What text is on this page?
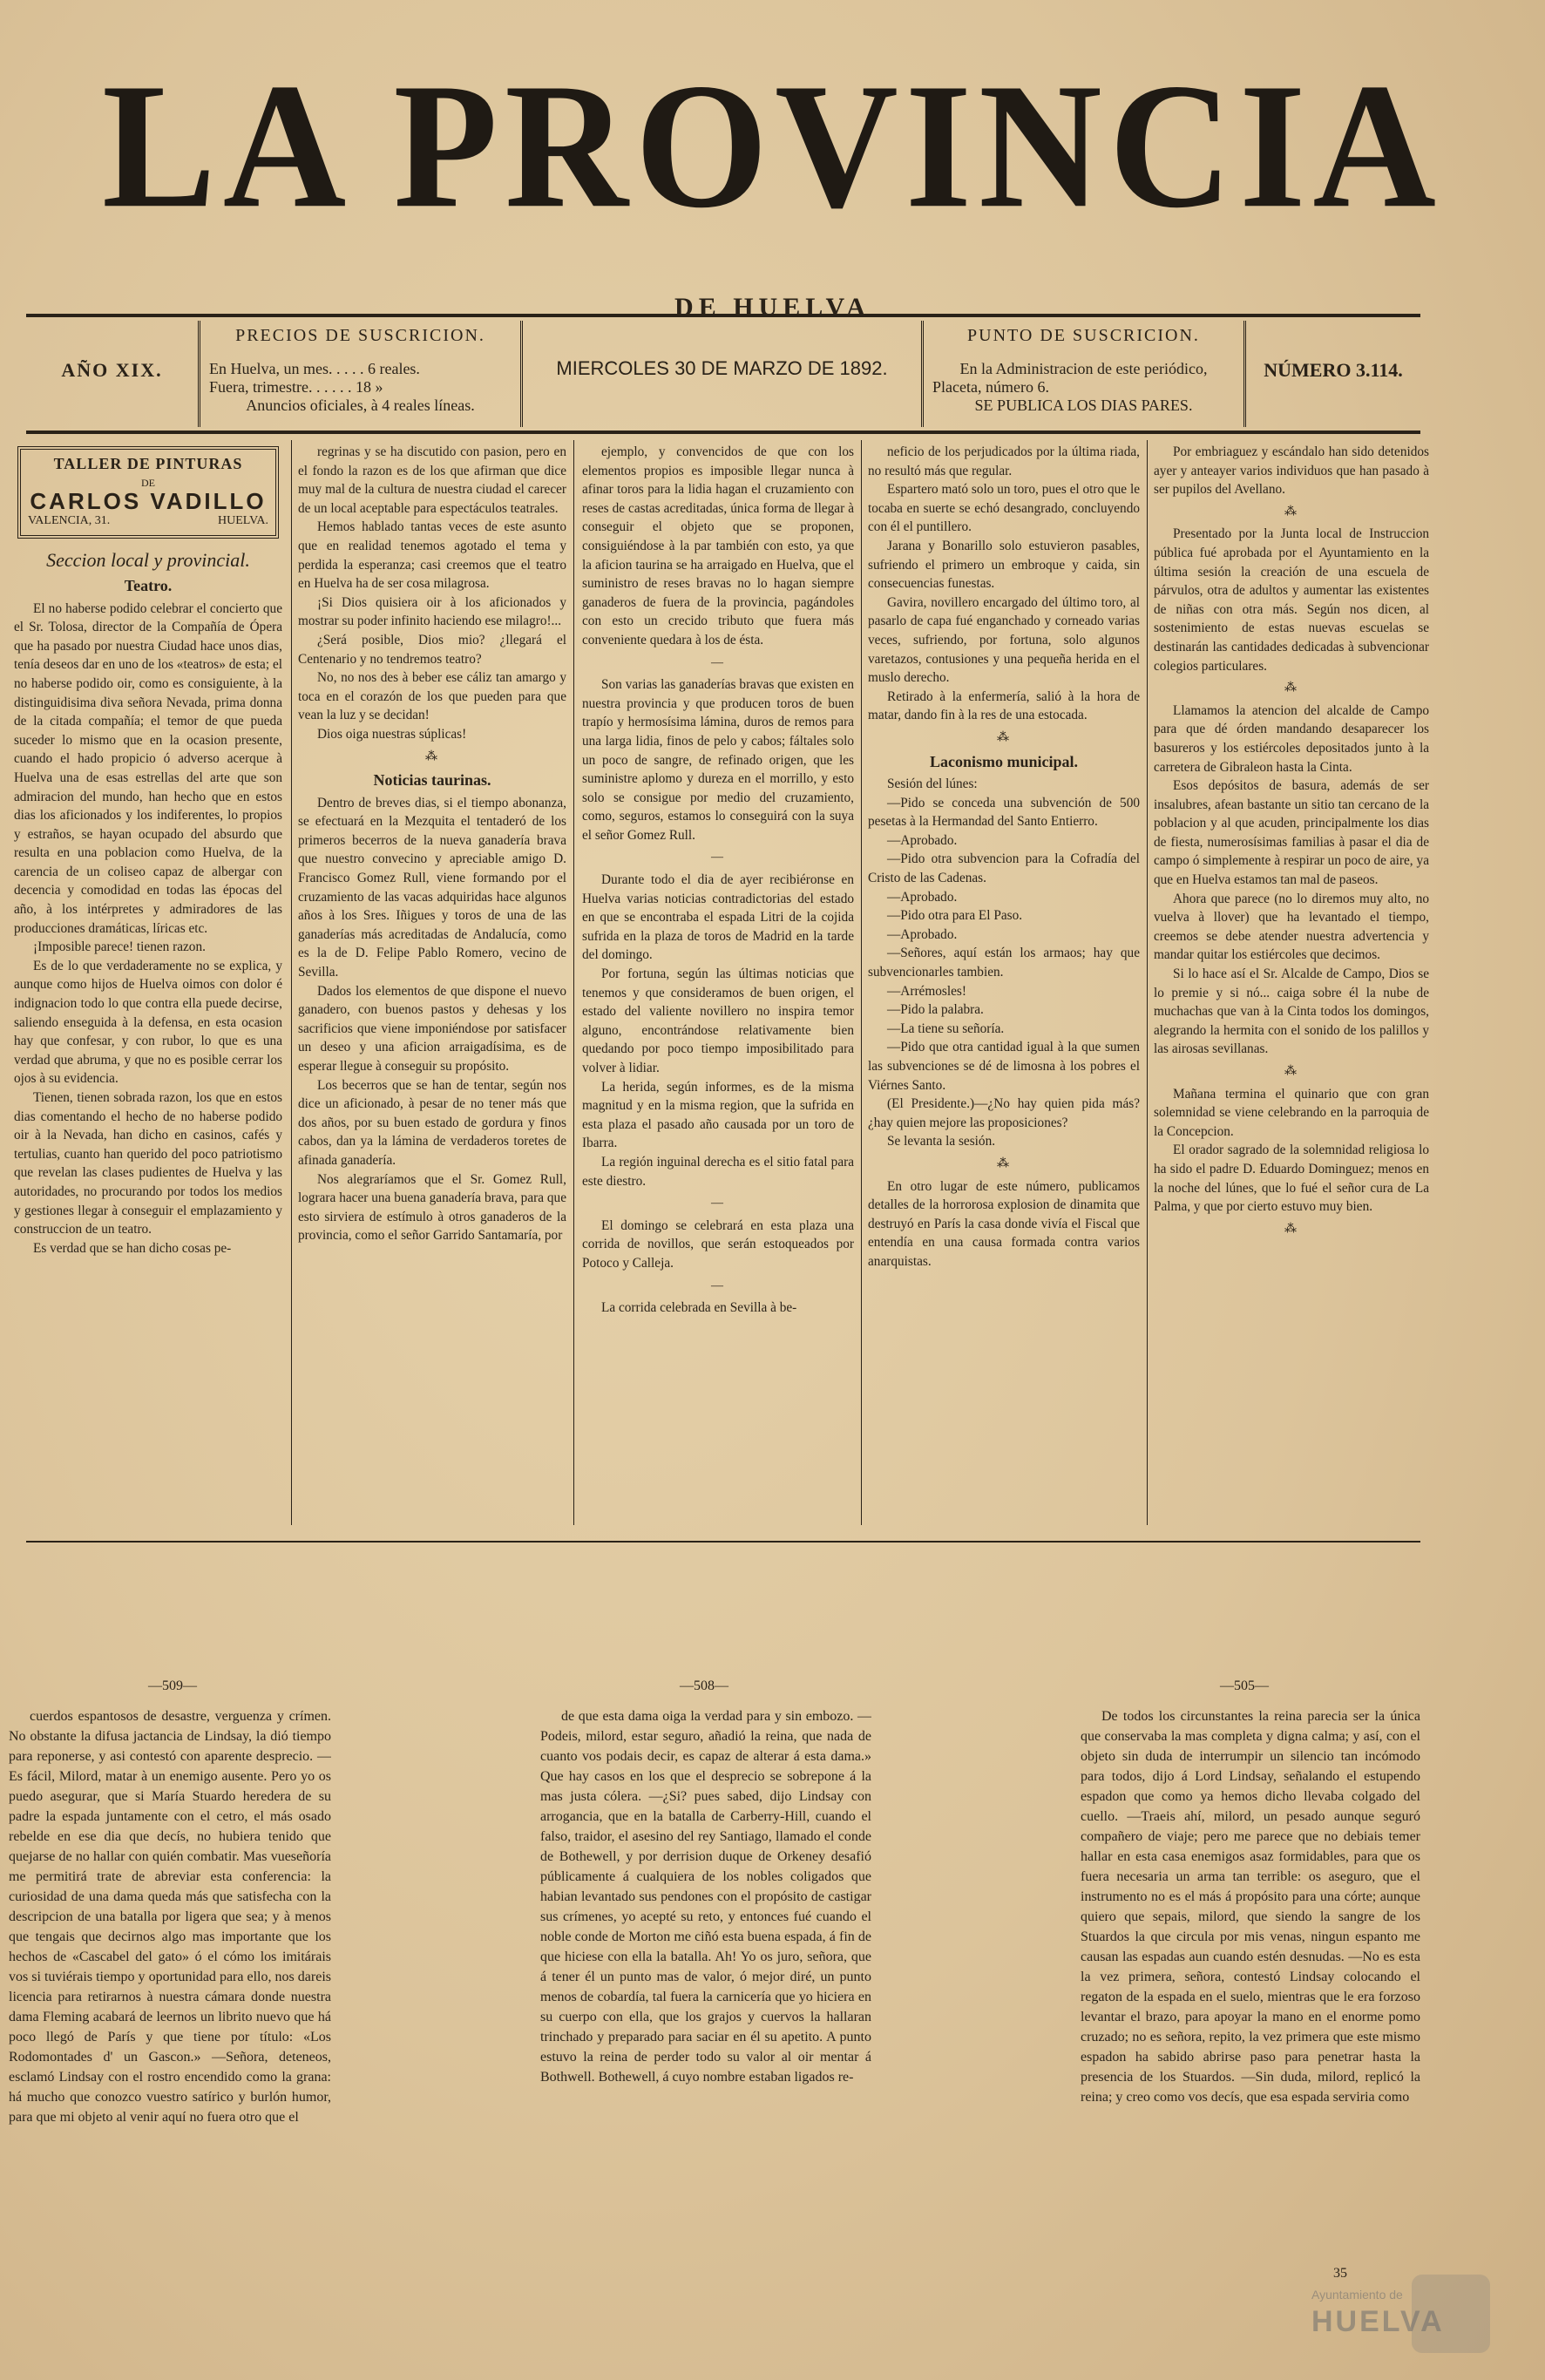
LA PROVINCIA
DE HUELVA
AÑO XIX.
PRECIOS DE SUSCRICION.
En Huelva, un mes. . . . . 6 reales.
Fuera, trimestre. . . . . . 18 »
Anuncios oficiales, à 4 reales líneas.
MIERCOLES 30 DE MARZO DE 1892.
PUNTO DE SUSCRICION.
En la Administracion de este periódico,
Placeta, número 6.
SE PUBLICA LOS DIAS PARES.
NÚMERO 3.114.
TALLER DE PINTURAS
DE
CARLOS VADILLO
VALENCIA, 31.	HUELVA.
Seccion local y provincial.
Teatro.

El no haberse podido celebrar el concierto que el Sr. Tolosa, director de la Compañía de Ópera que ha pasado por nuestra Ciudad hace unos dias, tenía deseos dar en uno de los «teatros» de esta; el no haberse podido oir, como es consiguiente, à la distinguidisima diva señora Nevada, prima donna de la citada compañía; el temor de que pueda suceder lo mismo que en la ocasion presente, cuando el hado propicio ó adverso acerque à Huelva una de esas estrellas del arte que son admiracion del mundo, han hecho que en estos dias los aficionados y los indiferentes, lo propios y estraños, se hayan ocupado del absurdo que resulta en una poblacion como Huelva, de la carencia de un coliseo capaz de albergar con decencia y comodidad en todas las épocas del año, à los intérpretes y admiradores de las producciones dramáticas, líricas etc.

¡Imposible parece! tienen razon.

Es de lo que verdaderamente no se explica, y aunque como hijos de Huelva oimos con dolor é indignacion todo lo que contra ella puede decirse, saliendo enseguida à la defensa, en esta ocasion hay que confesar, y con rubor, lo que es una verdad que abruma, y que no es posible cerrar los ojos à su evidencia.

Tienen, tienen sobrada razon, los que en estos dias comentando el hecho de no haberse podido oir à la Nevada, han dicho en casinos, cafés y tertulias, cuanto han querido del poco patriotismo que revelan las clases pudientes de Huelva y las autoridades, no procurando por todos los medios y gestiones llegar à conseguir el emplazamiento y construccion de un teatro.

Es verdad que se han dicho cosas pe-

regrinas y se ha discutido con pasion, pero en el fondo la razon es de los que afirman que dice muy mal de la cultura de nuestra ciudad el carecer de un local aceptable para espectáculos teatrales.

Hemos hablado tantas veces de este asunto que en realidad tenemos agotado el tema y perdida la esperanza; casi creemos que el teatro en Huelva ha de ser cosa milagrosa.

¡Si Dios quisiera oir à los aficionados y mostrar su poder infinito haciendo ese milagro!...

¿Será posible, Dios mio? ¿llegará el Centenario y no tendremos teatro?

No, no nos des à beber ese cáliz tan amargo y toca en el corazón de los que pueden para que vean la luz y se decidan!

Dios oiga nuestras súplicas!

⁂
Noticias taurinas.

Dentro de breves dias, si el tiempo abonanza, se efectuará en la Mezquita el tentaderó de los primeros becerros de la nueva ganadería brava que nuestro convecino y apreciable amigo D. Francisco Gomez Rull, viene formando por el cruzamiento de las vacas adquiridas hace algunos años à los Sres. Iñigues y toros de una de las ganaderías más acreditadas de Andalucía, como es la de D. Felipe Pablo Romero, vecino de Sevilla.

Dados los elementos de que dispone el nuevo ganadero, con buenos pastos y dehesas y los sacrificios que viene imponiéndose por satisfacer un deseo y una aficion arraigadísima, es de esperar llegue à conseguir su propósito.

Los becerros que se han de tentar, según nos dice un aficionado, à pesar de no tener más que dos años, por su buen estado de gordura y finos cabos, dan ya la lámina de verdaderos toretes de afinada ganadería.

Nos alegraríamos que el Sr. Gomez Rull, lograra hacer una buena ganadería brava, para que esto sirviera de estímulo à otros ganaderos de la provincia, como el señor Garrido Santamaría, por

ejemplo, y convencidos de que con los elementos propios es imposible llegar nunca à afinar toros para la lidia hagan el cruzamiento con reses de castas acreditadas, única forma de llegar à conseguir el objeto que se proponen, consiguiéndose à la par también con esto, ya que la aficion taurina se ha arraigado en Huelva, que el suministro de reses bravas no lo hagan siempre ganaderos de fuera de la provincia, pagándoles con esto un crecido tributo que fuera más conveniente quedara à los de ésta.

—

Son varias las ganaderías bravas que existen en nuestra provincia y que producen toros de buen trapío y hermosísima lámina, duros de remos para una larga lidia, finos de pelo y cabos; fáltales solo un poco de sangre, de refinado origen, que les suministre aplomo y dureza en el morrillo, y esto solo se consigue por medio del cruzamiento, como, seguros, estamos lo conseguirá con la suya el señor Gomez Rull.

—

Durante todo el dia de ayer recibiéronse en Huelva varias noticias contradictorias del estado en que se encontraba el espada Litri de la cojida sufrida en la plaza de toros de Madrid en la tarde del domingo.

Por fortuna, según las últimas noticias que tenemos y que consideramos de buen origen, el estado del valiente novillero no inspira temor alguno, encontrándose relativamente bien quedando por poco tiempo imposibilitado para volver à lidiar.

La herida, según informes, es de la misma magnitud y en la misma region, que la sufrida en esta plaza el pasado año causada por un toro de Ibarra.

La región inguinal derecha es el sitio fatal para este diestro.

—

El domingo se celebrará en esta plaza una corrida de novillos, que serán estoqueados por Potoco y Calleja.

—

La corrida celebrada en Sevilla à be-

neficio de los perjudicados por la última riada, no resultó más que regular.

Espartero mató solo un toro, pues el otro que le tocaba en suerte se echó desangrado, concluyendo con él el puntillero.

Jarana y Bonarillo solo estuvieron pasables, sufriendo el primero un embroque y caida, sin consecuencias funestas.

Gavira, novillero encargado del último toro, al pasarlo de capa fué enganchado y corneado varias veces, sufriendo, por fortuna, solo algunos varetazos, contusiones y una pequeña herida en el muslo derecho.

Retirado à la enfermería, salió à la hora de matar, dando fin à la res de una estocada.

⁂
Laconismo municipal.

Sesión del lúnes:

—Pido se conceda una subvención de 500 pesetas à la Hermandad del Santo Entierro.

—Aprobado.

—Pido otra subvencion para la Cofradía del Cristo de las Cadenas.

—Aprobado.

—Pido otra para El Paso.

—Aprobado.

—Señores, aquí están los armaos; hay que subvencionarles tambien.

—Arrémosles!

—Pido la palabra.

—La tiene su señoría.

—Pido que otra cantidad igual à la que sumen las subvenciones se dé de limosna à los pobres el Viérnes Santo.

(El Presidente.)—¿No hay quien pida más? ¿hay quien mejore las proposiciones?

Se levanta la sesión.

⁂

En otro lugar de este número, publicamos detalles de la horrorosa explosion de dinamita que destruyó en París la casa donde vivía el Fiscal que entendía en una causa formada contra varios anarquistas.

Por embriaguez y escándalo han sido detenidos ayer y anteayer varios individuos que han pasado à ser pupilos del Avellano.

⁂

Presentado por la Junta local de Instruccion pública fué aprobada por el Ayuntamiento en la última sesión la creación de una escuela de párvulos, otra de adultos y aumentar las existentes de niñas con otra más. Según nos dicen, al sostenimiento de estas nuevas escuelas se destinarán las cantidades dedicadas à subvencionar colegios particulares.

⁂

Llamamos la atencion del alcalde de Campo para que dé órden mandando desaparecer los basureros y los estiércoles depositados junto à la carretera de Gibraleon hasta la Cinta.

Esos depósitos de basura, además de ser insalubres, afean bastante un sitio tan cercano de la poblacion y al que acuden, principalmente los dias de fiesta, numerosísimas familias à pasar el dia de campo ó simplemente à respirar un poco de aire, ya que en Huelva estamos tan mal de paseos.

Ahora que parece (no lo diremos muy alto, no vuelva à llover) que ha levantado el tiempo, creemos se debe atender nuestra advertencia y mandar quitar los estiércoles que decimos.

Si lo hace así el Sr. Alcalde de Campo, Dios se lo premie y si nó... caiga sobre él la nube de muchachas que van à la Cinta todos los domingos, alegrando la hermita con el sonido de los palillos y las airosas sevillanas.

⁂

Mañana termina el quinario que con gran solemnidad se viene celebrando en la parroquia de la Concepcion.

El orador sagrado de la solemnidad religiosa lo ha sido el padre D. Eduardo Dominguez; menos en la noche del lúnes, que lo fué el señor cura de La Palma, y que por cierto estuvo muy bien.

⁂
—509—	—508—	—505—

cuerdos espantosos de desastre, verguenza y crímen. No obstante la difusa jactancia de Lindsay, la dió tiempo para reponerse, y asi contestó con aparente desprecio. —Es fácil, Milord, matar à un enemigo ausente. Pero yo os puedo asegurar, que si María Stuardo heredera de su padre la espada juntamente con el cetro, el más osado rebelde en ese dia que decís, no hubiera tenido que quejarse de no hallar con quién combatir. Mas vueseñoría me permitirá trate de abreviar esta conferencia: la curiosidad de una dama queda más que satisfecha con la descripcion de una batalla por ligera que sea; y à menos que tengais que decirnos algo mas importante que los hechos de «Cascabel del gato» ó el cómo los imitárais vos si tuviérais tiempo y oportunidad para ello, nos dareis licencia para retirarnos à nuestra cámara donde nuestra dama Fleming acabará de leernos un librito nuevo que há poco llegó de París y que tiene por título: «Los Rodomontades d' un Gascon.» —Señora, deteneos, esclamó Lindsay con el rostro encendido como la grana: há mucho que conozco vuestro satírico y burlón humor, para que mi objeto al venir aquí no fuera otro que el

de que esta dama oiga la verdad para y sin embozo. —Podeis, milord, estar seguro, añadió la reina, que nada de cuanto vos podais decir, es capaz de alterar á esta dama.» Que hay casos en los que el desprecio se sobrepone á la mas justa cólera. —¿Si? pues sabed, dijo Lindsay con arrogancia, que en la batalla de Carberry-Hill, cuando el falso, traidor, el asesino del rey Santiago, llamado el conde de Bothewell, y por derrision duque de Orkeney desafió públicamente á cualquiera de los nobles coligados que habian levantado sus pendones con el propósito de castigar sus crímenes, yo acepté su reto, y entonces fué cuando el noble conde de Morton me ciñó esta buena espada, á fin de que hiciese con ella la batalla. Ah! Yo os juro, señora, que á tener él un punto mas de valor, ó mejor diré, un punto menos de cobardía, tal fuera la carnicería que yo hiciera en su cuerpo con ella, que los grajos y cuervos la hallaran trinchado y preparado para saciar en él su apetito. A punto estuvo la reina de perder todo su valor al oir mentar á Bothwell. Bothewell, á cuyo nombre estaban ligados re-

De todos los circunstantes la reina parecia ser la única que conservaba la mas completa y digna calma; y así, con el objeto sin duda de interrumpir un silencio tan incómodo para todos, dijo á Lord Lindsay, señalando el estupendo espadon que como ya hemos dicho llevaba colgado del cuello. —Traeis ahí, milord, un pesado aunque seguró compañero de viaje; pero me parece que no debiais temer hallar en esta casa enemigos asaz formidables, para que os fuera necesaria un arma tan terrible: os aseguro, que el instrumento no es el más á propósito para una córte; aunque quiero que sepais, milord, que siendo la sangre de los Stuardos la que circula por mis venas, ningun espanto me causan las espadas aun cuando estén desnudas. —No es esta la vez primera, señora, contestó Lindsay colocando el regaton de la espada en el suelo, mientras que le era forzoso levantar el brazo, para apoyar la mano en el enorme pomo cruzado; no es señora, repito, la vez primera que este mismo espadon ha sabido abrirse paso para penetrar hasta la presencia de los Stuardos. —Sin duda, milord, replicó la reina; y creo como vos decís, que esa espada serviria como

35
Ayuntamiento de
HUELVA
